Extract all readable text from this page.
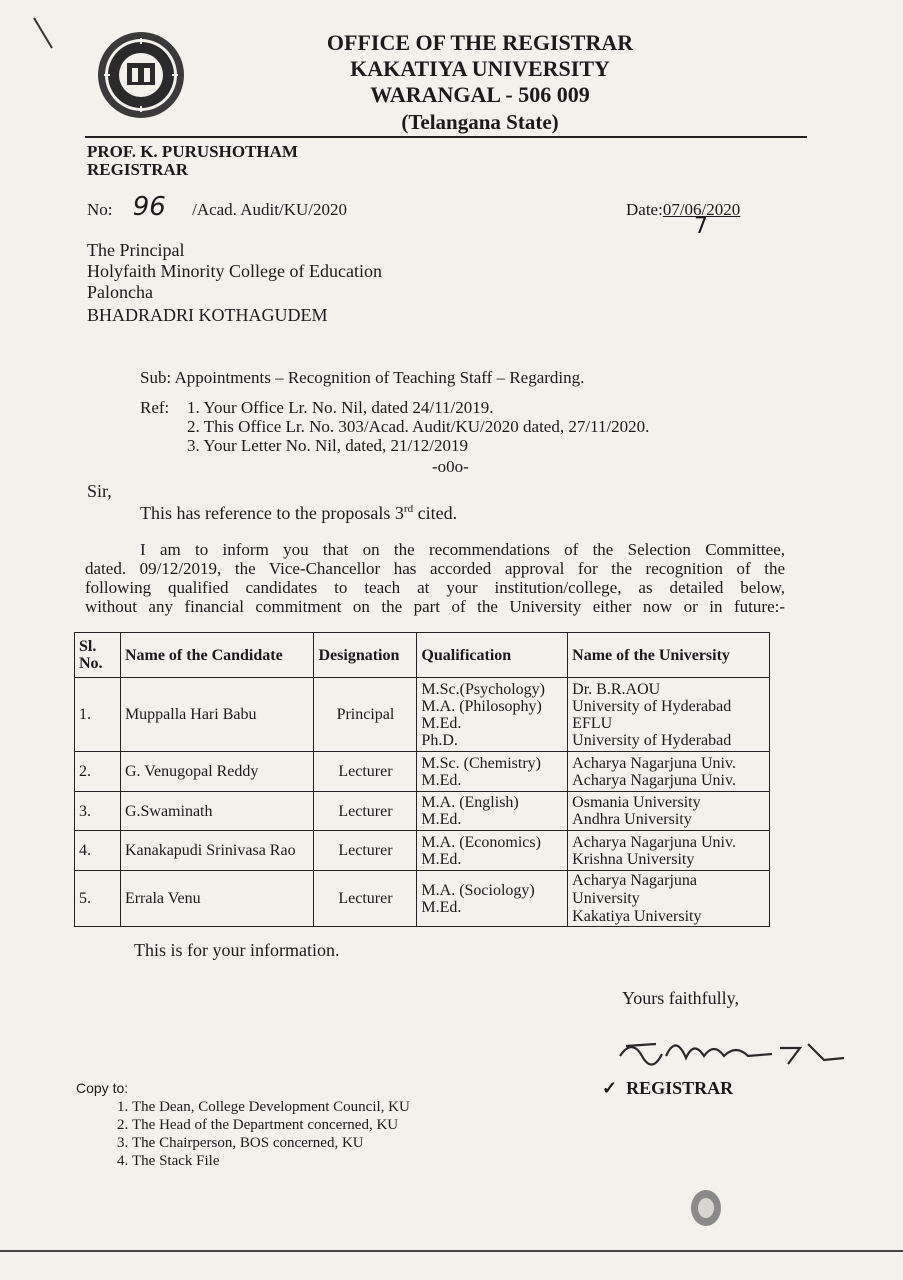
OFFICE OF THE REGISTRAR
KAKATIYA UNIVERSITY
WARANGAL - 506 009
(Telangana State)
PROF. K. PURUSHOTHAM
REGISTRAR
No: 96 /Acad. Audit/KU/2020	Date:07/06/2020
7
The Principal
Holyfaith Minority College of Education
Paloncha
BHADRADRI KOTHAGUDEM
Sub: Appointments – Recognition of Teaching Staff – Regarding.
Ref: 1. Your Office Lr. No. Nil, dated 24/11/2019.
2. This Office Lr. No. 303/Acad. Audit/KU/2020 dated, 27/11/2020.
3. Your Letter No. Nil, dated, 21/12/2019
-o0o-
Sir,
This has reference to the proposals 3rd cited.
I am to inform you that on the recommendations of the Selection Committee,
dated. 09/12/2019, the Vice-Chancellor has accorded approval for the recognition of the
following qualified candidates to teach at your institution/college, as detailed below,
without any financial commitment on the part of the University either now or in future:-
Sl. No.	Name of the Candidate	Designation	Qualification	Name of the University
1.	Muppalla Hari Babu	Principal	M.Sc.(Psychology)
M.A. (Philosophy)
M.Ed.
Ph.D.	Dr. B.R.AOU
University of Hyderabad
EFLU
University of Hyderabad

2.	G. Venugopal Reddy	Lecturer	M.Sc. (Chemistry)
M.Ed.	Acharya Nagarjuna Univ.
Acharya Nagarjuna Univ.

3.	G.Swaminath	Lecturer	M.A. (English)
M.Ed.	Osmania University
Andhra University

4.	Kanakapudi Srinivasa Rao	Lecturer	M.A. (Economics)
M.Ed.	Acharya Nagarjuna Univ.
Krishna University

5.	Errala Venu	Lecturer	M.A. (Sociology)
M.Ed.	Acharya Nagarjuna University
Kakatiya University
This is for your information.
Yours faithfully,
✓ REGISTRAR
Copy to:
1. The Dean, College Development Council, KU
2. The Head of the Department concerned, KU
3. The Chairperson, BOS concerned, KU
4. The Stack File
